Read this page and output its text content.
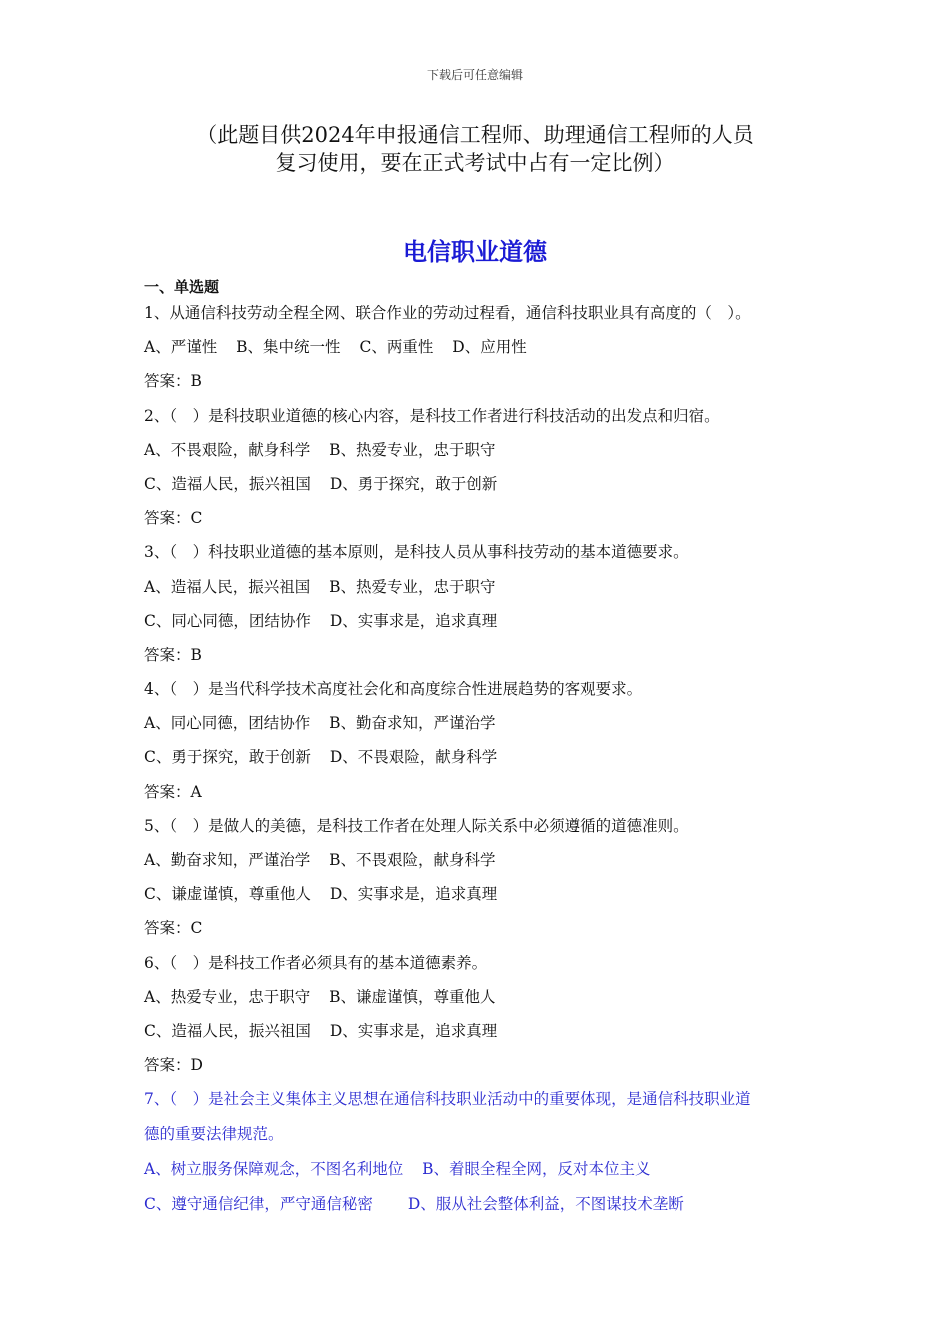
下载后可任意编辑
（此题目供2024年申报通信工程师、助理通信工程师的人员
复习使用，要在正式考试中占有一定比例）
电信职业道德
一、单选题
1、从通信科技劳动全程全网、联合作业的劳动过程看，通信科技职业具有高度的（　）。
A、严谨性 B、集中统一性 C、两重性 D、应用性
答案：B
2、（　）是科技职业道德的核心内容，是科技工作者进行科技活动的出发点和归宿。
A、不畏艰险，献身科学 B、热爱专业，忠于职守
C、造福人民，振兴祖国 D、勇于探究，敢于创新
答案：C
3、（　）科技职业道德的基本原则，是科技人员从事科技劳动的基本道德要求。
A、造福人民，振兴祖国 B、热爱专业，忠于职守
C、同心同德，团结协作 D、实事求是，追求真理
答案：B
4、（　）是当代科学技术高度社会化和高度综合性进展趋势的客观要求。
A、同心同德，团结协作 B、勤奋求知，严谨治学
C、勇于探究，敢于创新 D、不畏艰险，献身科学
答案：A
5、（　）是做人的美德，是科技工作者在处理人际关系中必须遵循的道德准则。
A、勤奋求知，严谨治学 B、不畏艰险，献身科学
C、谦虚谨慎，尊重他人 D、实事求是，追求真理
答案：C
6、（　）是科技工作者必须具有的基本道德素养。
A、热爱专业，忠于职守 B、谦虚谨慎，尊重他人
C、造福人民，振兴祖国 D、实事求是，追求真理
答案：D
7、（　）是社会主义集体主义思想在通信科技职业活动中的重要体现，是通信科技职业道
德的重要法律规范。
A、树立服务保障观念，不图名利地位 B、着眼全程全网，反对本位主义
C、遵守通信纪律，严守通信秘密 D、服从社会整体利益，不图谋技术垄断
